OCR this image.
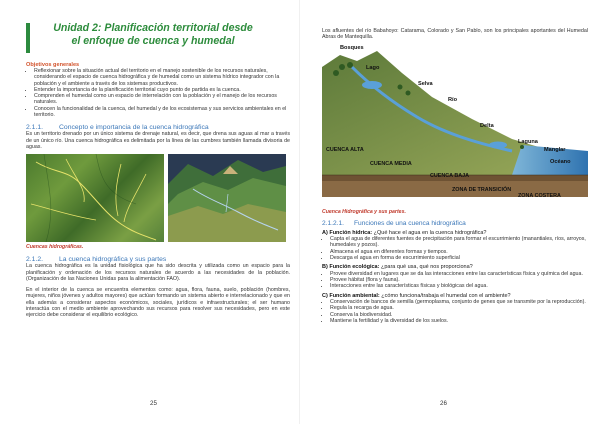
Unidad 2: Planificación territorial desde
el enfoque de cuenca y humedal
Objetivos generales
• Reflexionar sobre la situación actual del territorio en el manejo sostenible de los recursos naturales, considerando el espacio de cuenca hidrográfica y de humedal como un sistema hídrico integrador con la población y el ambiente a través de los sistemas productivos.
• Entender la importancia de la planificación territorial cuyo punto de partida es la cuenca.
• Comprenden el humedal como un espacio de interrelación con la población y el manejo de los recursos naturales.
• Conocen la funcionalidad de la cuenca, del humedal y de los ecosistemas y sus servicios ambientales en el territorio.
2.1.1. Concepto e importancia de la cuenca hidrográfica
Es un territorio drenado por un único sistema de drenaje natural, es decir, que drena sus aguas al mar a través de un único río. Una cuenca hidrográfica es delimitada por la línea de las cumbres también llamada divisoria de aguas.
Cuencas hidrográficas.
2.1.2. La cuenca hidrográfica y sus partes
La cuenca hidrográfica es la unidad fisiológica que ha sido descrita y utilizada como un espacio para la planificación y ordenación de los recursos naturales de acuerdo a las necesidades de la población. (Organización de las Naciones Unidas para la alimentación FAO).
En el interior de la cuenca se encuentra elementos como: agua, flora, fauna, suelo, población (hombres, mujeres, niños jóvenes y adultos mayores) que actúan formando un sistema abierto e interrelacionado y que en ella además a considerar aspectos económicos, sociales, jurídicos e infraestructurales; el ser humano interactúa con el medio ambiente aprovechando sus recursos para resolver sus necesidades, pero en este ejercicio debe considerar el equilibrio ecológico.
25
Los afluentes del río Babahoyo: Catarama, Colorado y San Pablo, son los principales aportantes del Humedal Abras de Mantequilla.
Bosques
Lago
Selva
Río
Delta
Laguna
Manglar
Océano
CUENCA ALTA
CUENCA MEDIA
CUENCA BAJA
ZONA DE TRANSICIÓN
ZONA COSTERA
Cuenca Hidrográfica y sus partes.
2.1.2.1. Funciones de una cuenca hidrográfica
A) Función hídrica: ¿Qué hace el agua en la cuenca hidrográfica?
• Capta el agua de diferentes fuentes de precipitación para formar el escurrimiento (manantiales, ríos, arroyos, humedales y pozos).
• Almacena el agua en diferentes formas y tiempos.
• Descarga el agua en forma de escurrimiento superficial
B) Función ecológica: ¿para qué usa, qué nos proporciona?
• Provee diversidad en lugares que se da las interacciones entre las características física y química del agua.
• Provee hábitat (flora y fauna).
• Interacciones entre las características físicas y biológicas del agua.
C) Función ambiental: ¿cómo funciona/trabaja el humedal con el ambiente?
• Conservación de bancos de semilla (germoplasma, conjunto de genes que se transmite por la reproducción).
• Regula la recarga de agua.
• Conserva la biodiversidad.
• Mantiene la fertilidad y la diversidad de los suelos.
26
